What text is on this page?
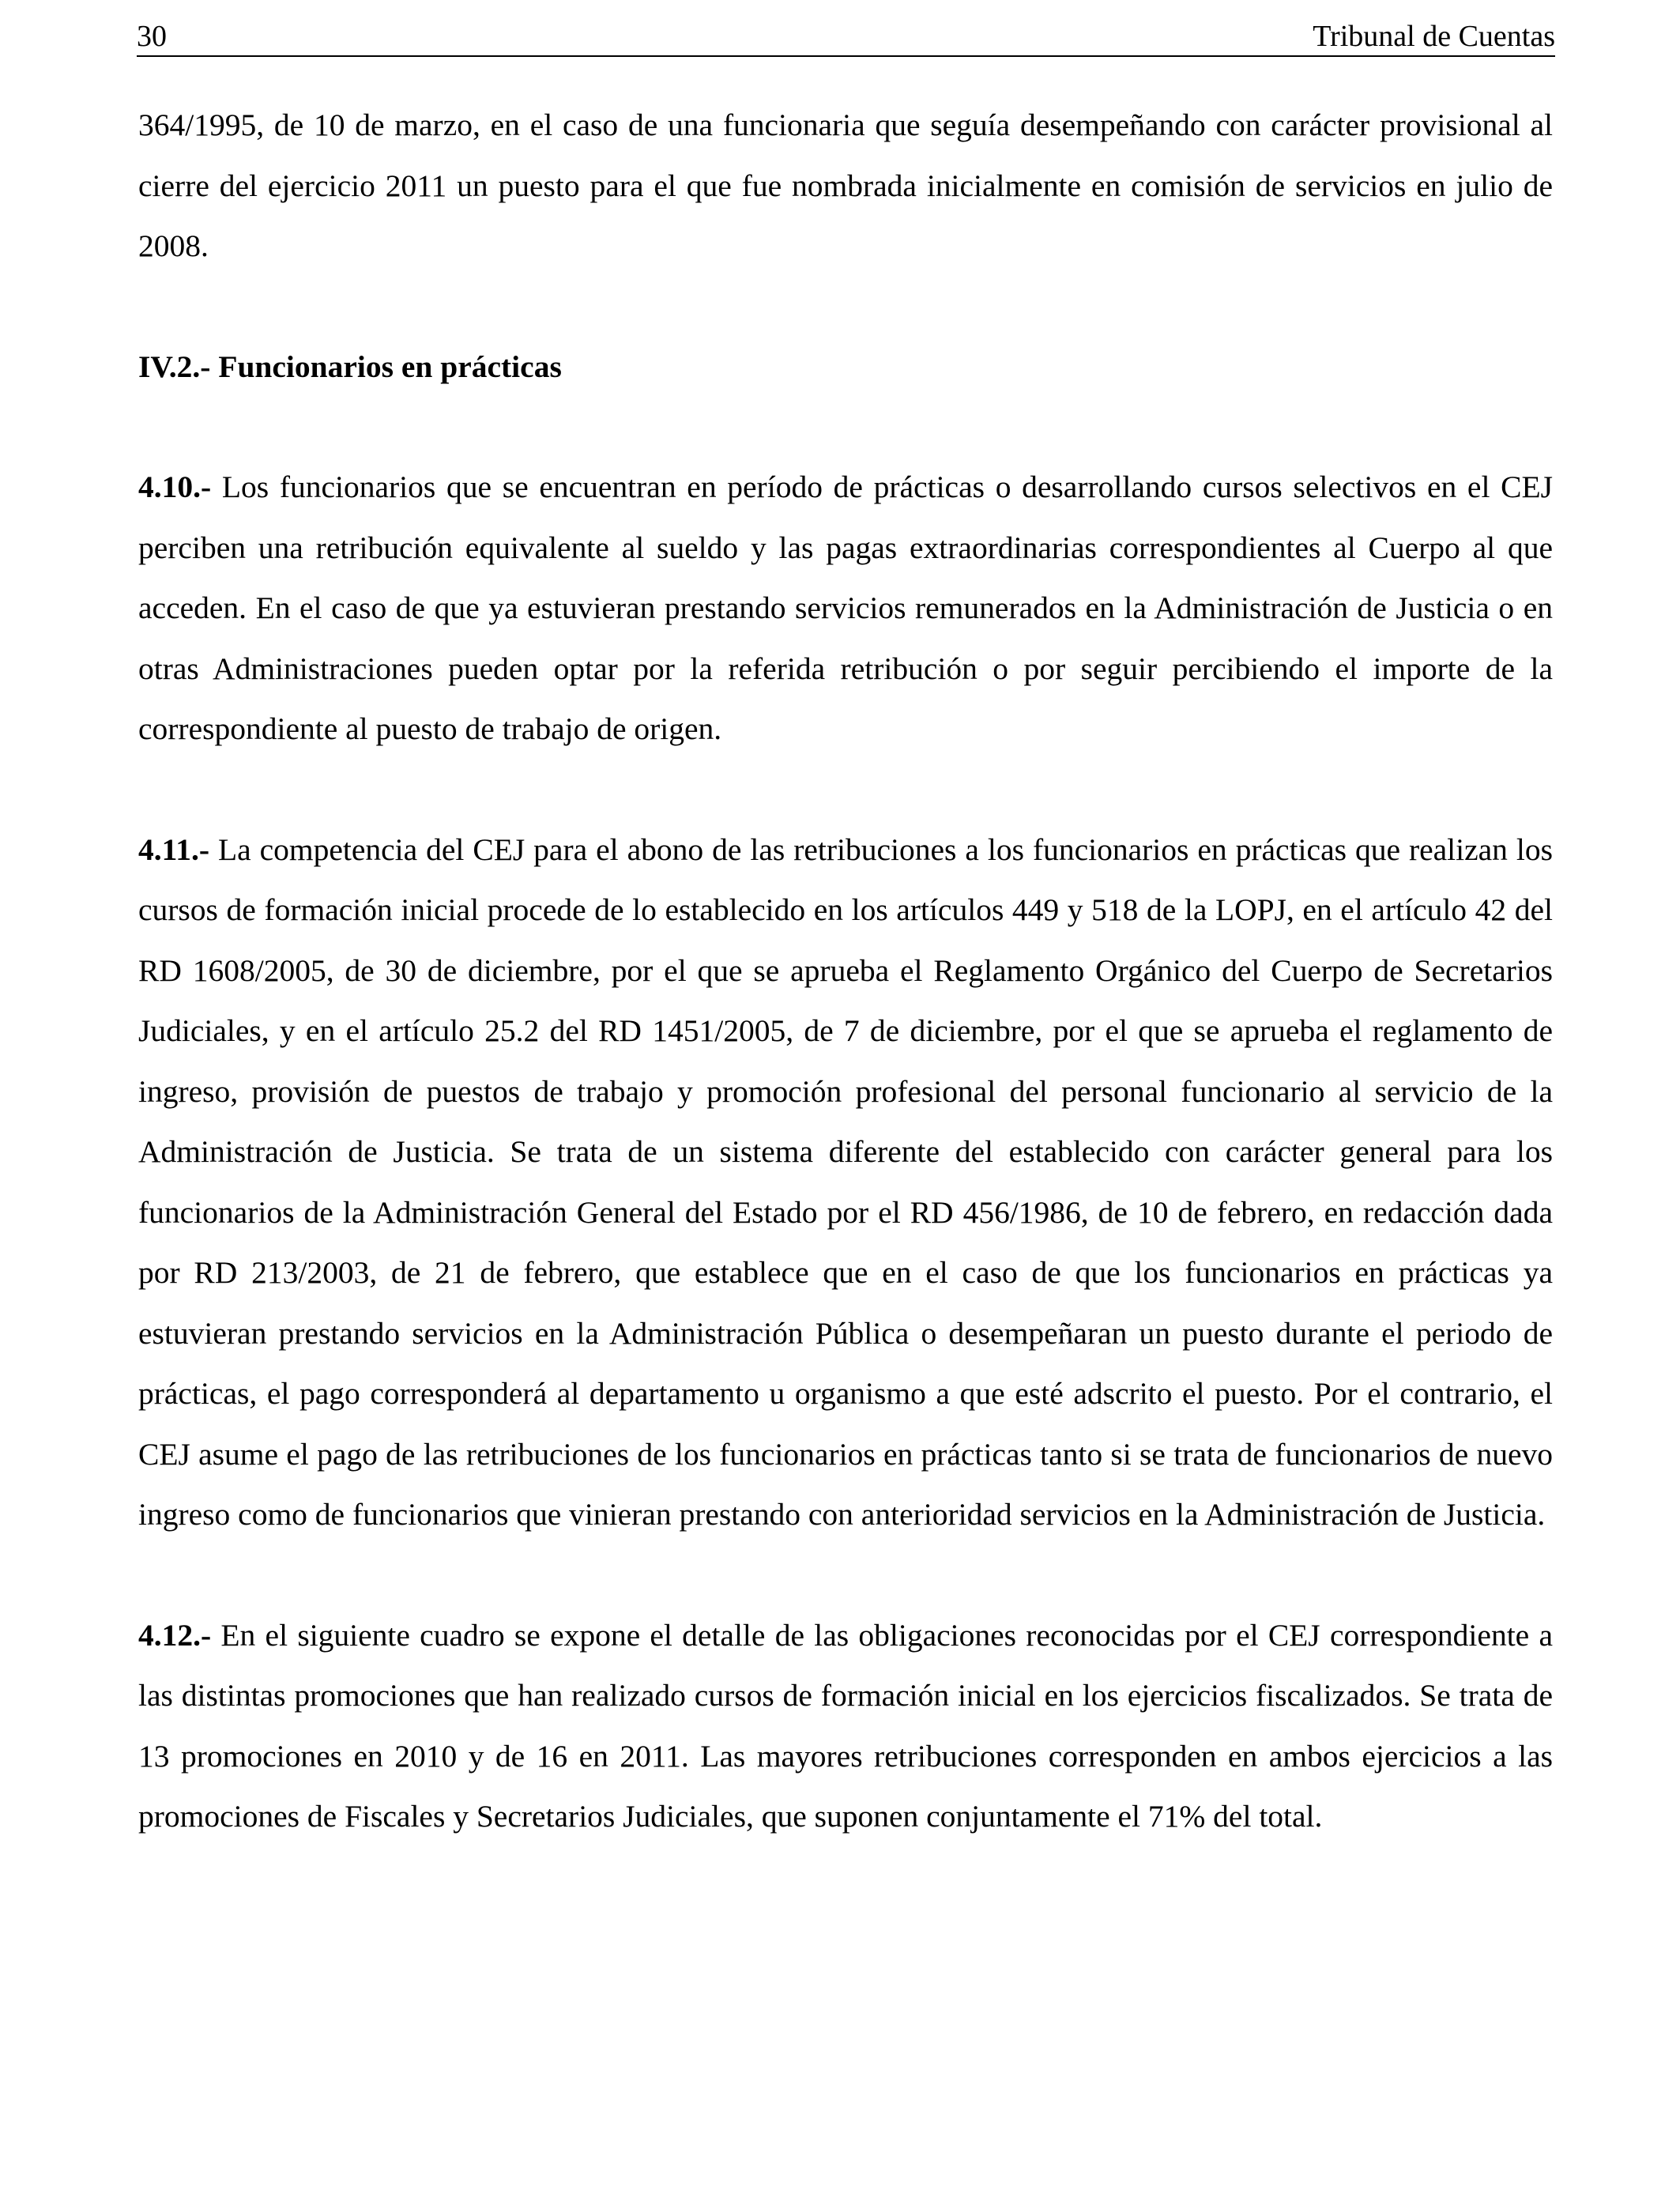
30	Tribunal de Cuentas

364/1995, de 10 de marzo, en el caso de una funcionaria que seguía desempeñando con carácter provisional al cierre del ejercicio 2011 un puesto para el que fue nombrada inicialmente en comisión de servicios en julio de 2008.

IV.2.- Funcionarios en prácticas

4.10.- Los funcionarios que se encuentran en período de prácticas o desarrollando cursos selectivos en el CEJ perciben una retribución equivalente al sueldo y las pagas extraordinarias correspondientes al Cuerpo al que acceden. En el caso de que ya estuvieran prestando servicios remunerados en la Administración de Justicia o en otras Administraciones pueden optar por la referida retribución o por seguir percibiendo el importe de la correspondiente al puesto de trabajo de origen.

4.11.- La competencia del CEJ para el abono de las retribuciones a los funcionarios en prácticas que realizan los cursos de formación inicial procede de lo establecido en los artículos 449 y 518 de la LOPJ, en el artículo 42 del RD 1608/2005, de 30 de diciembre, por el que se aprueba el Reglamento Orgánico del Cuerpo de Secretarios Judiciales, y en el artículo 25.2 del RD 1451/2005, de 7 de diciembre, por el que se aprueba el reglamento de ingreso, provisión de puestos de trabajo y promoción profesional del personal funcionario al servicio de la Administración de Justicia. Se trata de un sistema diferente del establecido con carácter general para los funcionarios de la Administración General del Estado por el RD 456/1986, de 10 de febrero, en redacción dada por RD 213/2003, de 21 de febrero, que establece que en el caso de que los funcionarios en prácticas ya estuvieran prestando servicios en la Administración Pública o desempeñaran un puesto durante el periodo de prácticas, el pago corresponderá al departamento u organismo a que esté adscrito el puesto. Por el contrario, el CEJ asume el pago de las retribuciones de los funcionarios en prácticas tanto si se trata de funcionarios de nuevo ingreso como de funcionarios que vinieran prestando con anterioridad servicios en la Administración de Justicia.

4.12.- En el siguiente cuadro se expone el detalle de las obligaciones reconocidas por el CEJ correspondiente a las distintas promociones que han realizado cursos de formación inicial en los ejercicios fiscalizados. Se trata de 13 promociones en 2010 y de 16 en 2011. Las mayores retribuciones corresponden en ambos ejercicios a las promociones de Fiscales y Secretarios Judiciales, que suponen conjuntamente el 71% del total.
